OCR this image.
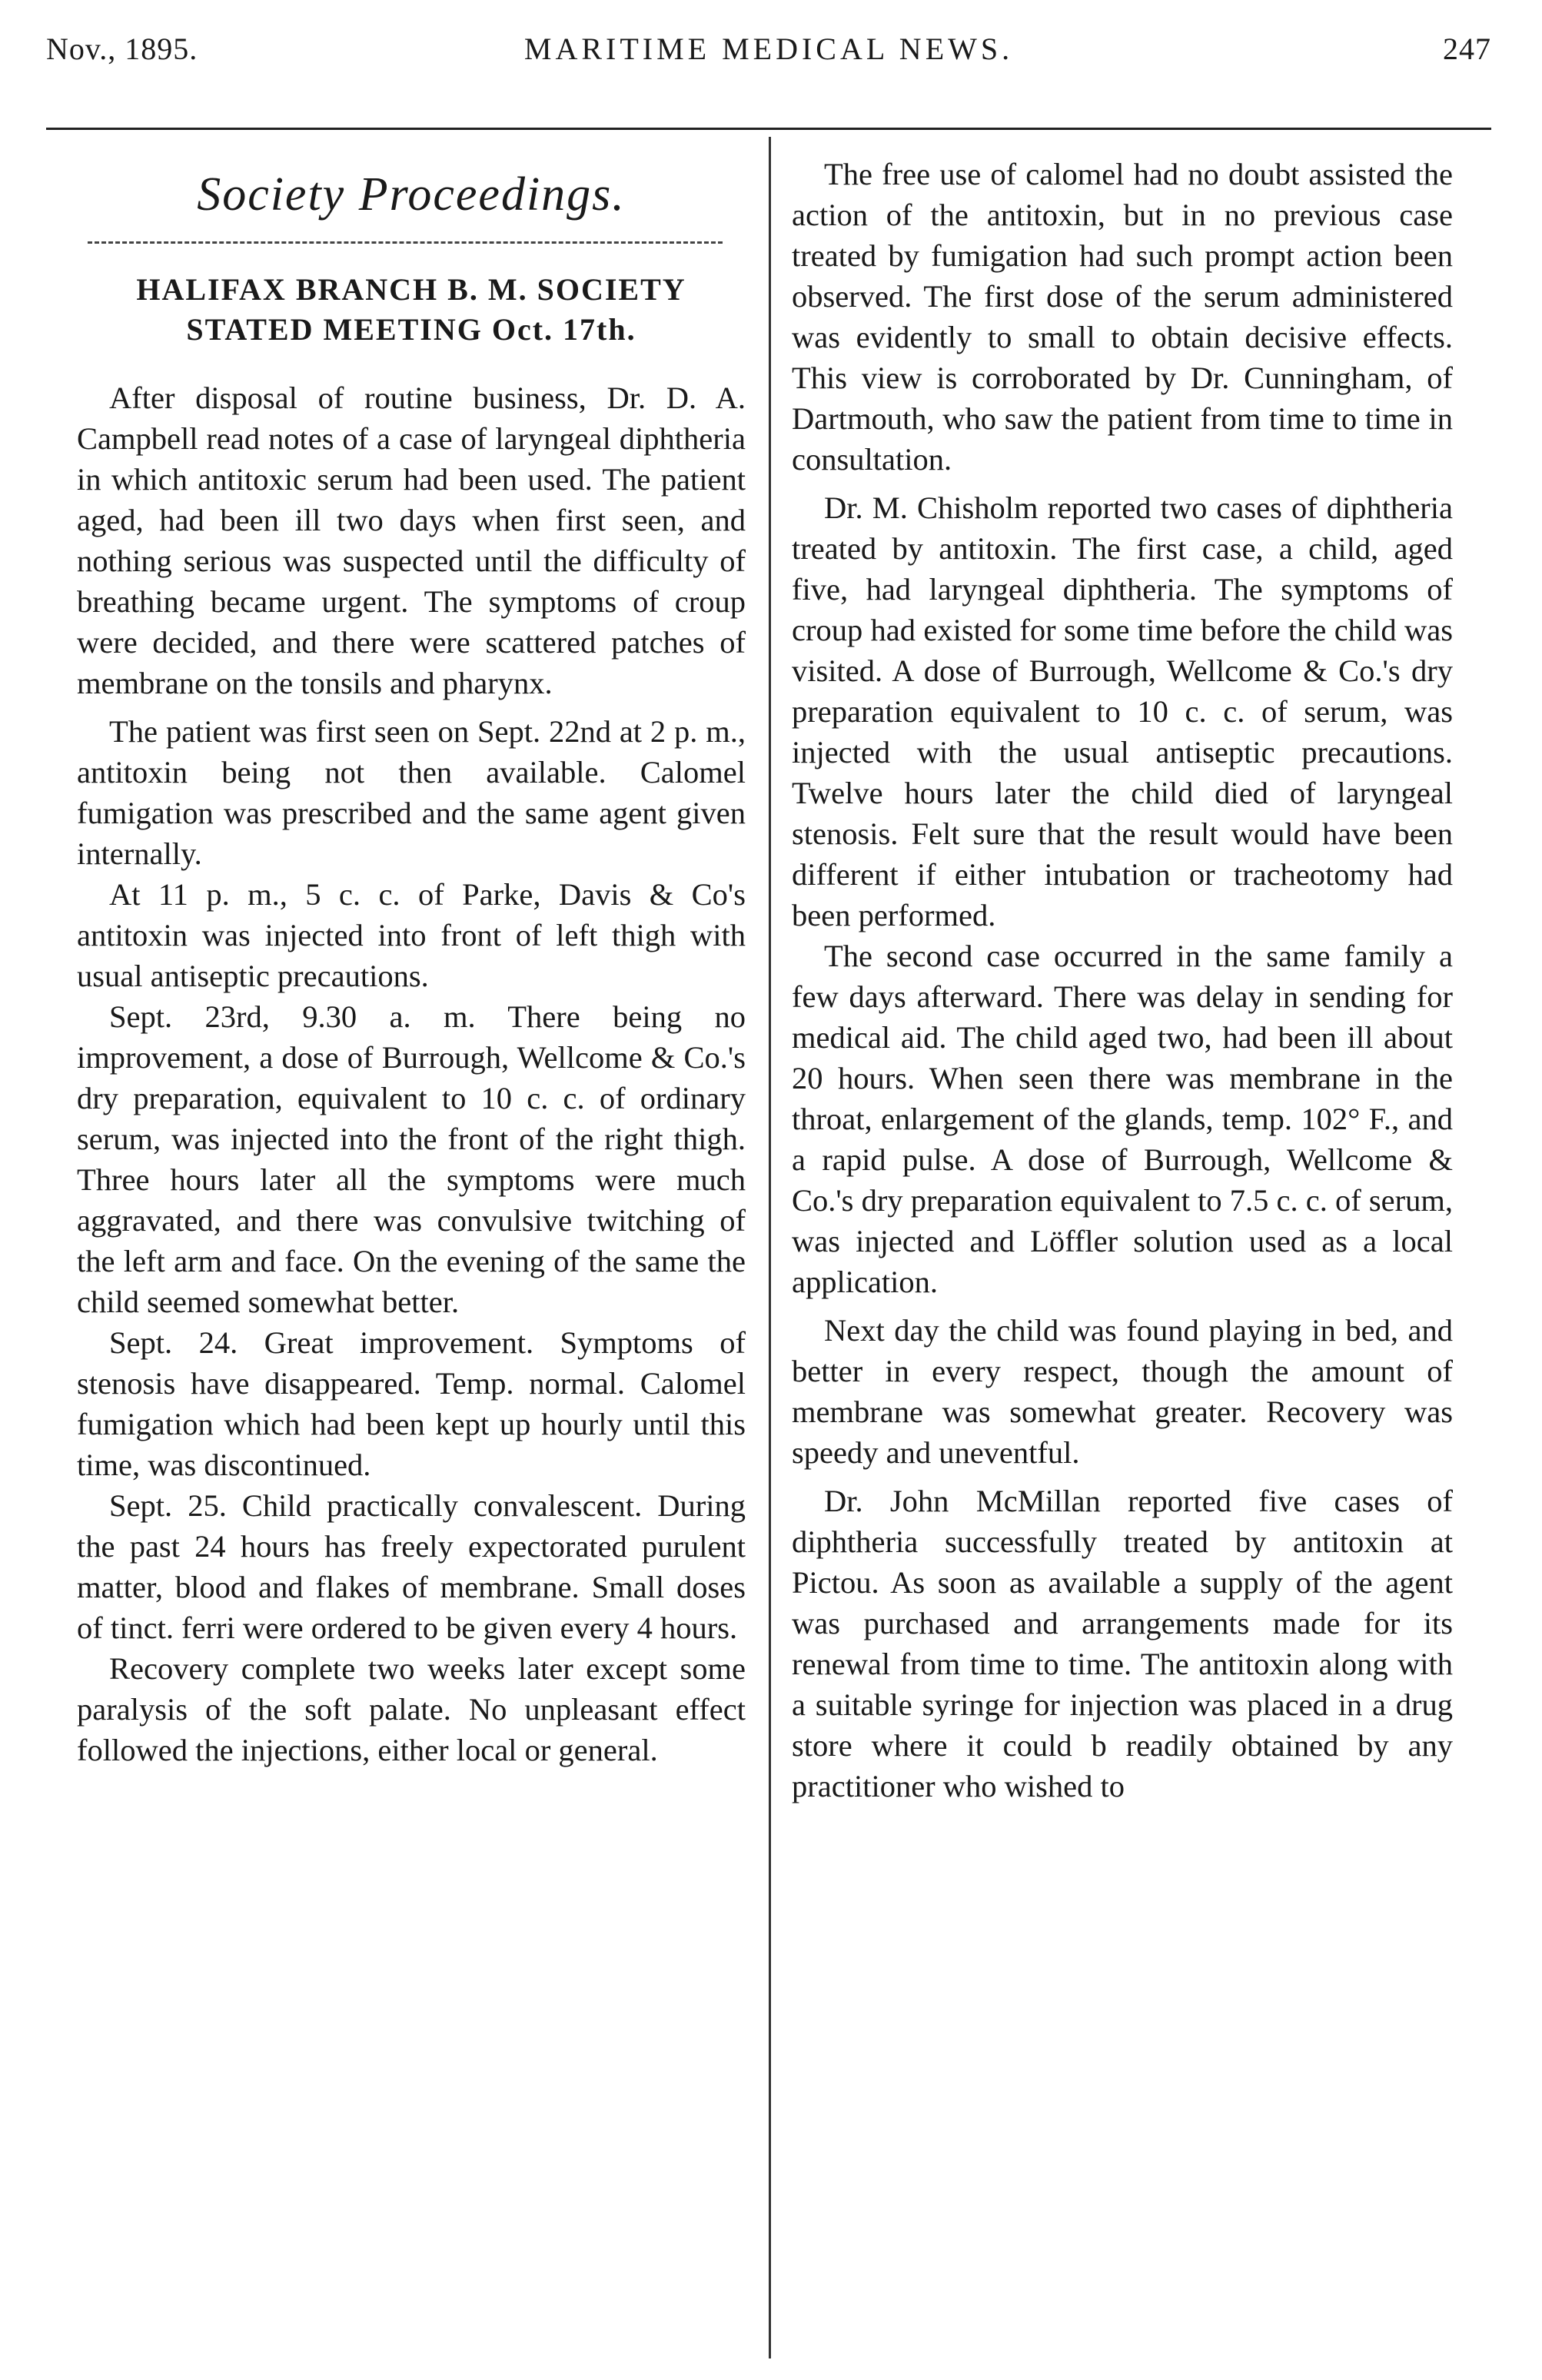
Nov., 1895.	MARITIME MEDICAL NEWS.	247
Society Proceedings.
HALIFAX BRANCH B. M. SOCIETY
STATED MEETING Oct. 17th.

After disposal of routine business, Dr. D. A. Campbell read notes of a case of laryngeal diphtheria in which antitoxic serum had been used. The patient aged, had been ill two days when first seen, and nothing serious was suspected until the difficulty of breathing became urgent. The symptoms of croup were decided, and there were scattered patches of membrane on the tonsils and pharynx.

The patient was first seen on Sept. 22nd at 2 p. m., antitoxin being not then available. Calomel fumigation was prescribed and the same agent given internally.

At 11 p. m., 5 c. c. of Parke, Davis & Co's antitoxin was injected into front of left thigh with usual antiseptic precautions.

Sept. 23rd, 9.30 a. m. There being no improvement, a dose of Burrough, Wellcome & Co.'s dry preparation, equivalent to 10 c. c. of ordinary serum, was injected into the front of the right thigh. Three hours later all the symptoms were much aggravated, and there was convulsive twitching of the left arm and face. On the evening of the same the child seemed somewhat better.

Sept. 24. Great improvement. Symptoms of stenosis have disappeared. Temp. normal. Calomel fumigation which had been kept up hourly until this time, was discontinued.

Sept. 25. Child practically convalescent. During the past 24 hours has freely expectorated purulent matter, blood and flakes of membrane. Small doses of tinct. ferri were ordered to be given every 4 hours.

Recovery complete two weeks later except some paralysis of the soft palate. No unpleasant effect followed the injections, either local or general.

The free use of calomel had no doubt assisted the action of the antitoxin, but in no previous case treated by fumigation had such prompt action been observed. The first dose of the serum administered was evidently to small to obtain decisive effects. This view is corroborated by Dr. Cunningham, of Dartmouth, who saw the patient from time to time in consultation.

Dr. M. Chisholm reported two cases of diphtheria treated by antitoxin. The first case, a child, aged five, had laryngeal diphtheria. The symptoms of croup had existed for some time before the child was visited. A dose of Burrough, Wellcome & Co.'s dry preparation equivalent to 10 c. c. of serum, was injected with the usual antiseptic precautions. Twelve hours later the child died of laryngeal stenosis. Felt sure that the result would have been different if either intubation or tracheotomy had been performed.

The second case occurred in the same family a few days afterward. There was delay in sending for medical aid. The child aged two, had been ill about 20 hours. When seen there was membrane in the throat, enlargement of the glands, temp. 102° F., and a rapid pulse. A dose of Burrough, Wellcome & Co.'s dry preparation equivalent to 7.5 c. c. of serum, was injected and Löffler solution used as a local application.

Next day the child was found playing in bed, and better in every respect, though the amount of membrane was somewhat greater. Recovery was speedy and uneventful.

Dr. John McMillan reported five cases of diphtheria successfully treated by antitoxin at Pictou. As soon as available a supply of the agent was purchased and arrangements made for its renewal from time to time. The antitoxin along with a suitable syringe for injection was placed in a drug store where it could b readily obtained by any practitioner who wished to
